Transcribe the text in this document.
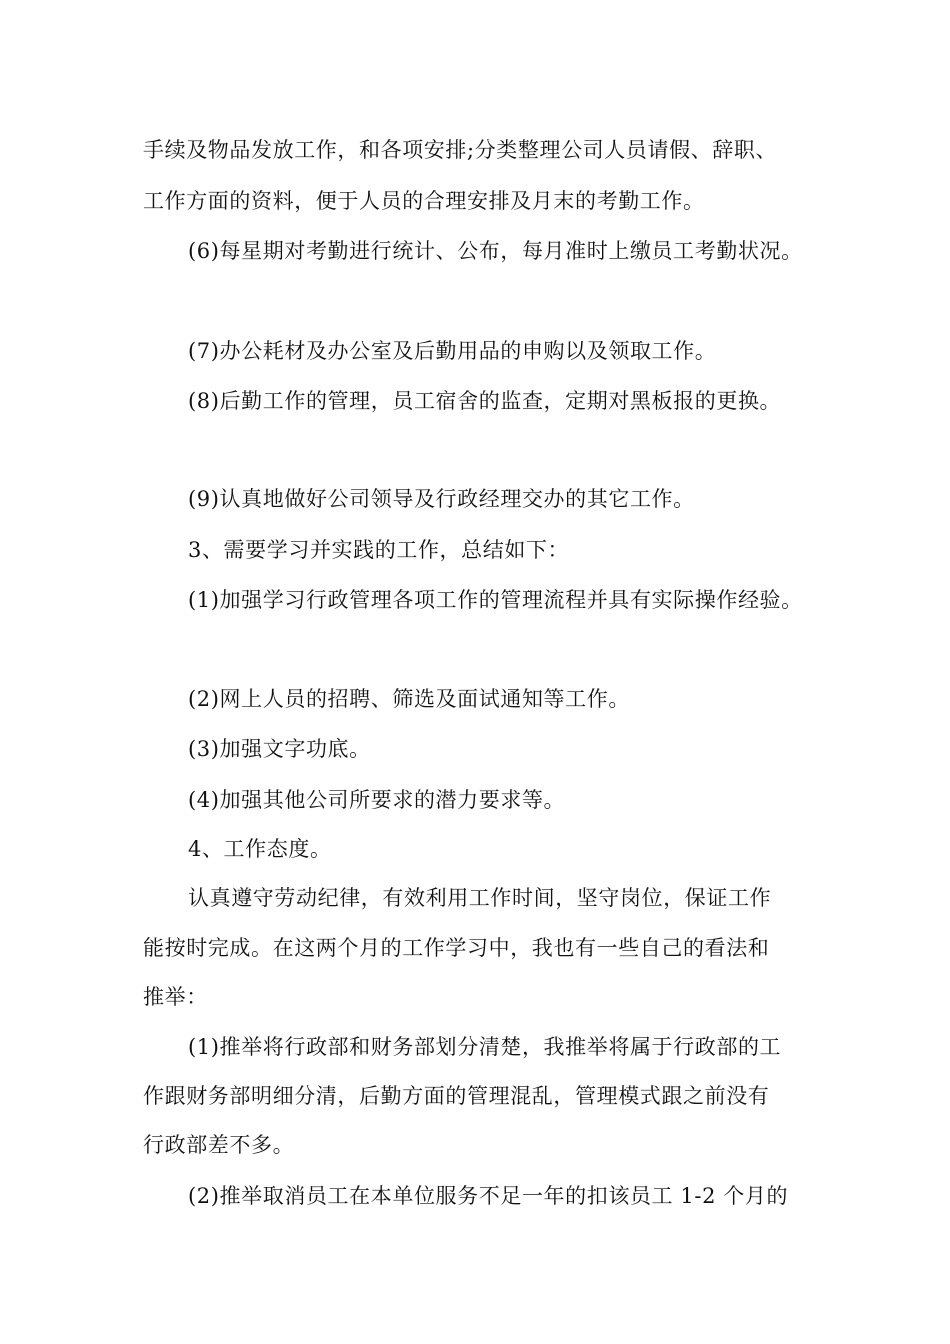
手续及物品发放工作，和各项安排;分类整理公司人员请假、辞职、
工作方面的资料，便于人员的合理安排及月末的考勤工作。
(6)每星期对考勤进行统计、公布，每月准时上缴员工考勤状况。
(7)办公耗材及办公室及后勤用品的申购以及领取工作。
(8)后勤工作的管理，员工宿舍的监查，定期对黑板报的更换。
(9)认真地做好公司领导及行政经理交办的其它工作。
3、需要学习并实践的工作，总结如下：
(1)加强学习行政管理各项工作的管理流程并具有实际操作经验。
(2)网上人员的招聘、筛选及面试通知等工作。
(3)加强文字功底。
(4)加强其他公司所要求的潜力要求等。
4、工作态度。
认真遵守劳动纪律，有效利用工作时间，坚守岗位，保证工作
能按时完成。在这两个月的工作学习中，我也有一些自己的看法和
推举：
(1)推举将行政部和财务部划分清楚，我推举将属于行政部的工
作跟财务部明细分清，后勤方面的管理混乱，管理模式跟之前没有
行政部差不多。
(2)推举取消员工在本单位服务不足一年的扣该员工 1-2 个月的
